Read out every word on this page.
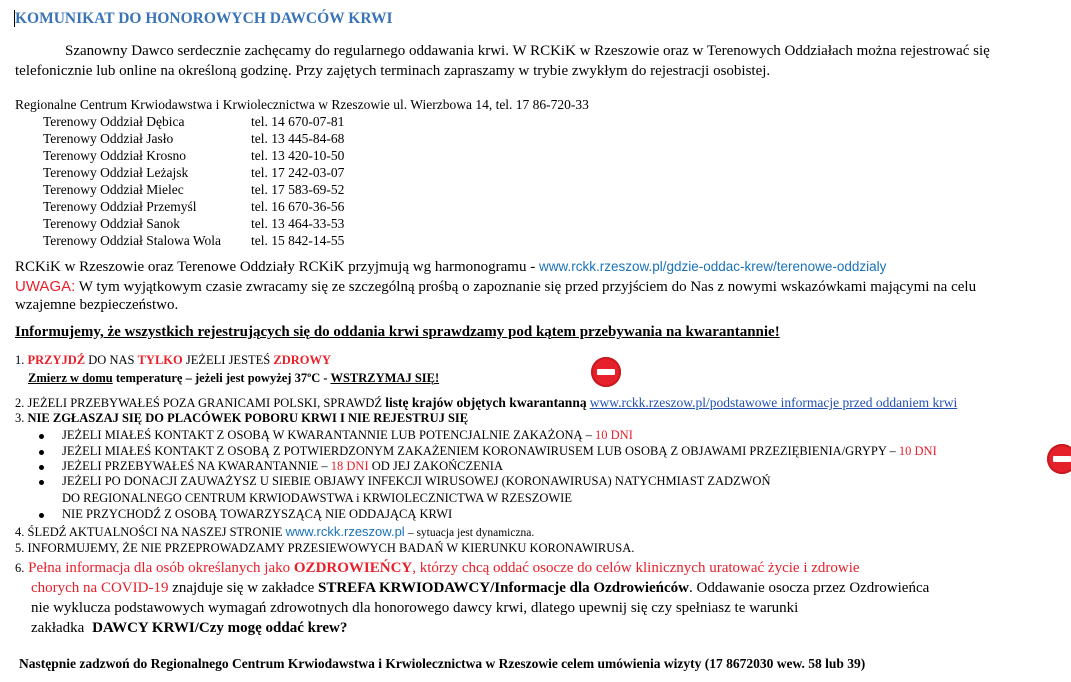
KOMUNIKAT DO HONOROWYCH DAWCÓW KRWI
Szanowny Dawco serdecznie zachęcamy do regularnego oddawania krwi. W RCKiK w Rzeszowie oraz w Terenowych Oddziałach można rejestrować się
telefonicznie lub online na określoną godzinę. Przy zajętych terminach zapraszamy w trybie zwykłym do rejestracji osobistej.
Regionalne Centrum Krwiodawstwa i Krwiolecznictwa w Rzeszowie ul. Wierzbowa 14, tel. 17 86-720-33
Terenowy Oddział Dębica	tel. 14 670-07-81
Terenowy Oddział Jasło	tel. 13 445-84-68
Terenowy Oddział Krosno	tel. 13 420-10-50
Terenowy Oddział Leżajsk	tel. 17 242-03-07
Terenowy Oddział Mielec	tel. 17 583-69-52
Terenowy Oddział Przemyśl	tel. 16 670-36-56
Terenowy Oddział Sanok	tel. 13 464-33-53
Terenowy Oddział Stalowa Wola tel. 15 842-14-55
RCKiK w Rzeszowie oraz Terenowe Oddziały RCKiK przyjmują wg harmonogramu - www.rckk.rzeszow.pl/gdzie-oddac-krew/terenowe-oddzialy
UWAGA: W tym wyjątkowym czasie zwracamy się ze szczególną prośbą o zapoznanie się przed przyjściem do Nas z nowymi wskazówkami mającymi na celu
wzajemne bezpieczeństwo.
Informujemy, że wszystkich rejestrujących się do oddania krwi sprawdzamy pod kątem przebywania na kwarantannie!
1. PRZYJDŹ DO NAS TYLKO JEŻELI JESTEŚ ZDROWY
Zmierz w domu temperaturę – jeżeli jest powyżej 37ºC - WSTRZYMAJ SIĘ!
2. JEŻELI PRZEBYWAŁEŚ POZA GRANICAMI POLSKI, SPRAWDŹ listę krajów objętych kwarantanną www.rckk.rzeszow.pl/podstawowe informacje przed oddaniem krwi
3. NIE ZGŁASZAJ SIĘ DO PLACÓWEK POBORU KRWI I NIE REJESTRUJ SIĘ
JEŻELI MIAŁEŚ KONTAKT Z OSOBĄ W KWARANTANNIE LUB POTENCJALNIE ZAKAŻONĄ – 10 DNI
JEŻELI MIAŁEŚ KONTAKT Z OSOBĄ Z POTWIERDZONYM ZAKAŻENIEM KORONAWIRUSEM LUB OSOBĄ Z OBJAWAMI PRZEZIĘBIENIA/GRYPY – 10 DNI
JEŻELI PRZEBYWAŁEŚ NA KWARANTANNIE – 18 DNI OD JEJ ZAKOŃCZENIA
JEŻELI PO DONACJI ZAUWAŻYSZ U SIEBIE OBJAWY INFEKCJI WIRUSOWEJ (KORONAWIRUSA) NATYCHMIAST ZADZWOŃ
NIE PRZYCHODŹ Z OSOBĄ TOWARZYSZĄCĄ NIE ODDAJĄCĄ KRWI
DO REGIONALNEGO CENTRUM KRWIODAWSTWA i KRWIOLECZNICTWA W RZESZOWIE
4. ŚLEDŹ AKTUALNOŚCI NA NASZEJ STRONIE www.rckk.rzeszow.pl – sytuacja jest dynamiczna.
5. INFORMUJEMY, ŻE NIE PRZEPROWADZAMY PRZESIEWOWYCH BADAŃ W KIERUNKU KORONAWIRUSA.
6. Pełna informacja dla osób określanych jako OZDROWIEŃCY, którzy chcą oddać osocze do celów klinicznych uratować życie i zdrowie
chorych na COVID-19 znajduje się w zakładce STREFA KRWIODAWCY/Informacje dla Ozdrowieńców. Oddawanie osocza przez Ozdrowieńca
nie wyklucza podstawowych wymagań zdrowotnych dla honorowego dawcy krwi, dlatego upewnij się czy spełniasz te warunki
zakładka DAWCY KRWI/Czy mogę oddać krew?
Następnie zadzwoń do Regionalnego Centrum Krwiodawstwa i Krwiolecznictwa w Rzeszowie celem umówienia wizyty (17 8672030 wew. 58 lub 39)
